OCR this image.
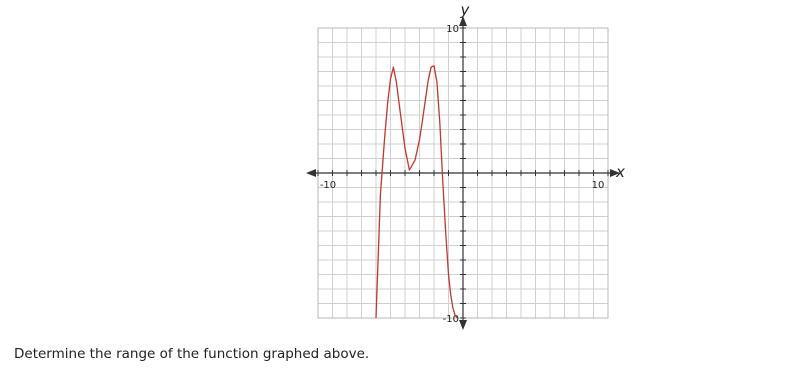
-10	10
10
-10
x
y

Determine the range of the function graphed above.
